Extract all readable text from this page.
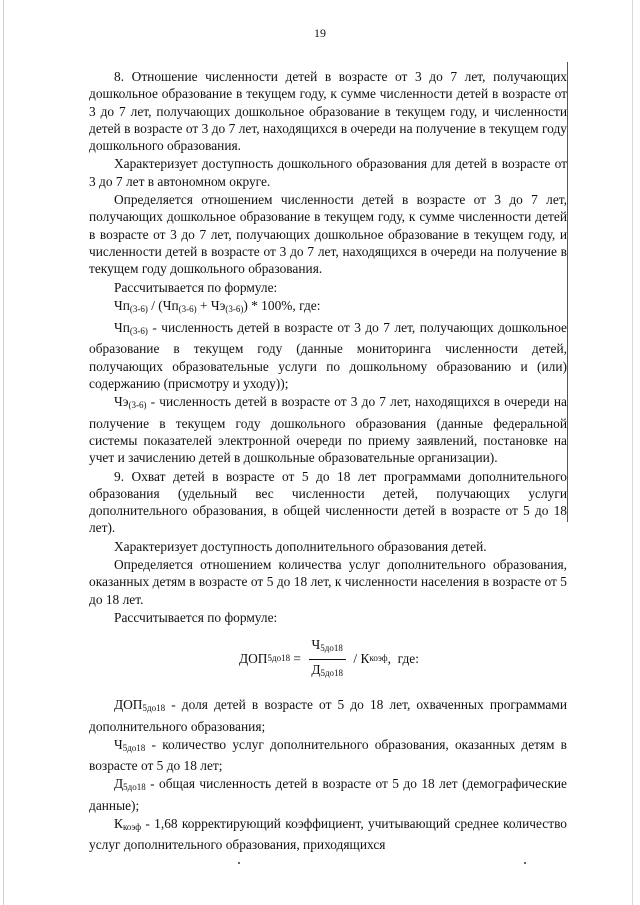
19

8. Отношение численности детей в возрасте от 3 до 7 лет, получающих дошкольное образование в текущем году, к сумме численности детей в возрасте от 3 до 7 лет, получающих дошкольное образование в текущем году, и численности детей в возрасте от 3 до 7 лет, находящихся в очереди на получение в текущем году дошкольного образования.

Характеризует доступность дошкольного образования для детей в возрасте от 3 до 7 лет в автономном округе.

Определяется отношением численности детей в возрасте от 3 до 7 лет, получающих дошкольное образование в текущем году, к сумме численности детей в возрасте от 3 до 7 лет, получающих дошкольное образование в текущем году, и численности детей в возрасте от 3 до 7 лет, находящихся в очереди на получение в текущем году дошкольного образования.

Рассчитывается по формуле:

$Чп_{(3-6)} / (Чп_{(3-6)} + Чэ_{(3-6)}) * 100\%$, где:

$Чп_{(3-6)}$ - численность детей в возрасте от 3 до 7 лет, получающих дошкольное образование в текущем году (данные мониторинга численности детей, получающих образовательные услуги по дошкольному образованию и (или) содержанию (присмотру и уходу));

$Чэ_{(3-6)}$ - численность детей в возрасте от 3 до 7 лет, находящихся в очереди на получение в текущем году дошкольного образования (данные федеральной системы показателей электронной очереди по приему заявлений, постановке на учет и зачислению детей в дошкольные образовательные организации).

9. Охват детей в возрасте от 5 до 18 лет программами дополнительного образования (удельный вес численности детей, получающих услуги дополнительного образования, в общей численности детей в возрасте от 5 до 18 лет).

Характеризует доступность дополнительного образования детей.

Определяется отношением количества услуг дополнительного образования, оказанных детям в возрасте от 5 до 18 лет, к численности населения в возрасте от 5 до 18 лет.

Рассчитывается по формуле:

ДОП $5до18 = \frac{Ч_{5до18}}{Д_{5до18}} / К$ коэф ,  где:

$ДОП_{5до18}$ - доля детей в возрасте от 5 до 18 лет, охваченных программами дополнительного образования;

$Ч_{5до18}$ - количество услуг дополнительного образования, оказанных детям в возрасте от 5 до 18 лет;

$Д_{5до18}$ - общая численность детей в возрасте от 5 до 18 лет (демографические данные);

$К_{коэф} - 1,68$ корректирующий коэффициент, учитывающий среднее количество услуг дополнительного образования, приходящихся
